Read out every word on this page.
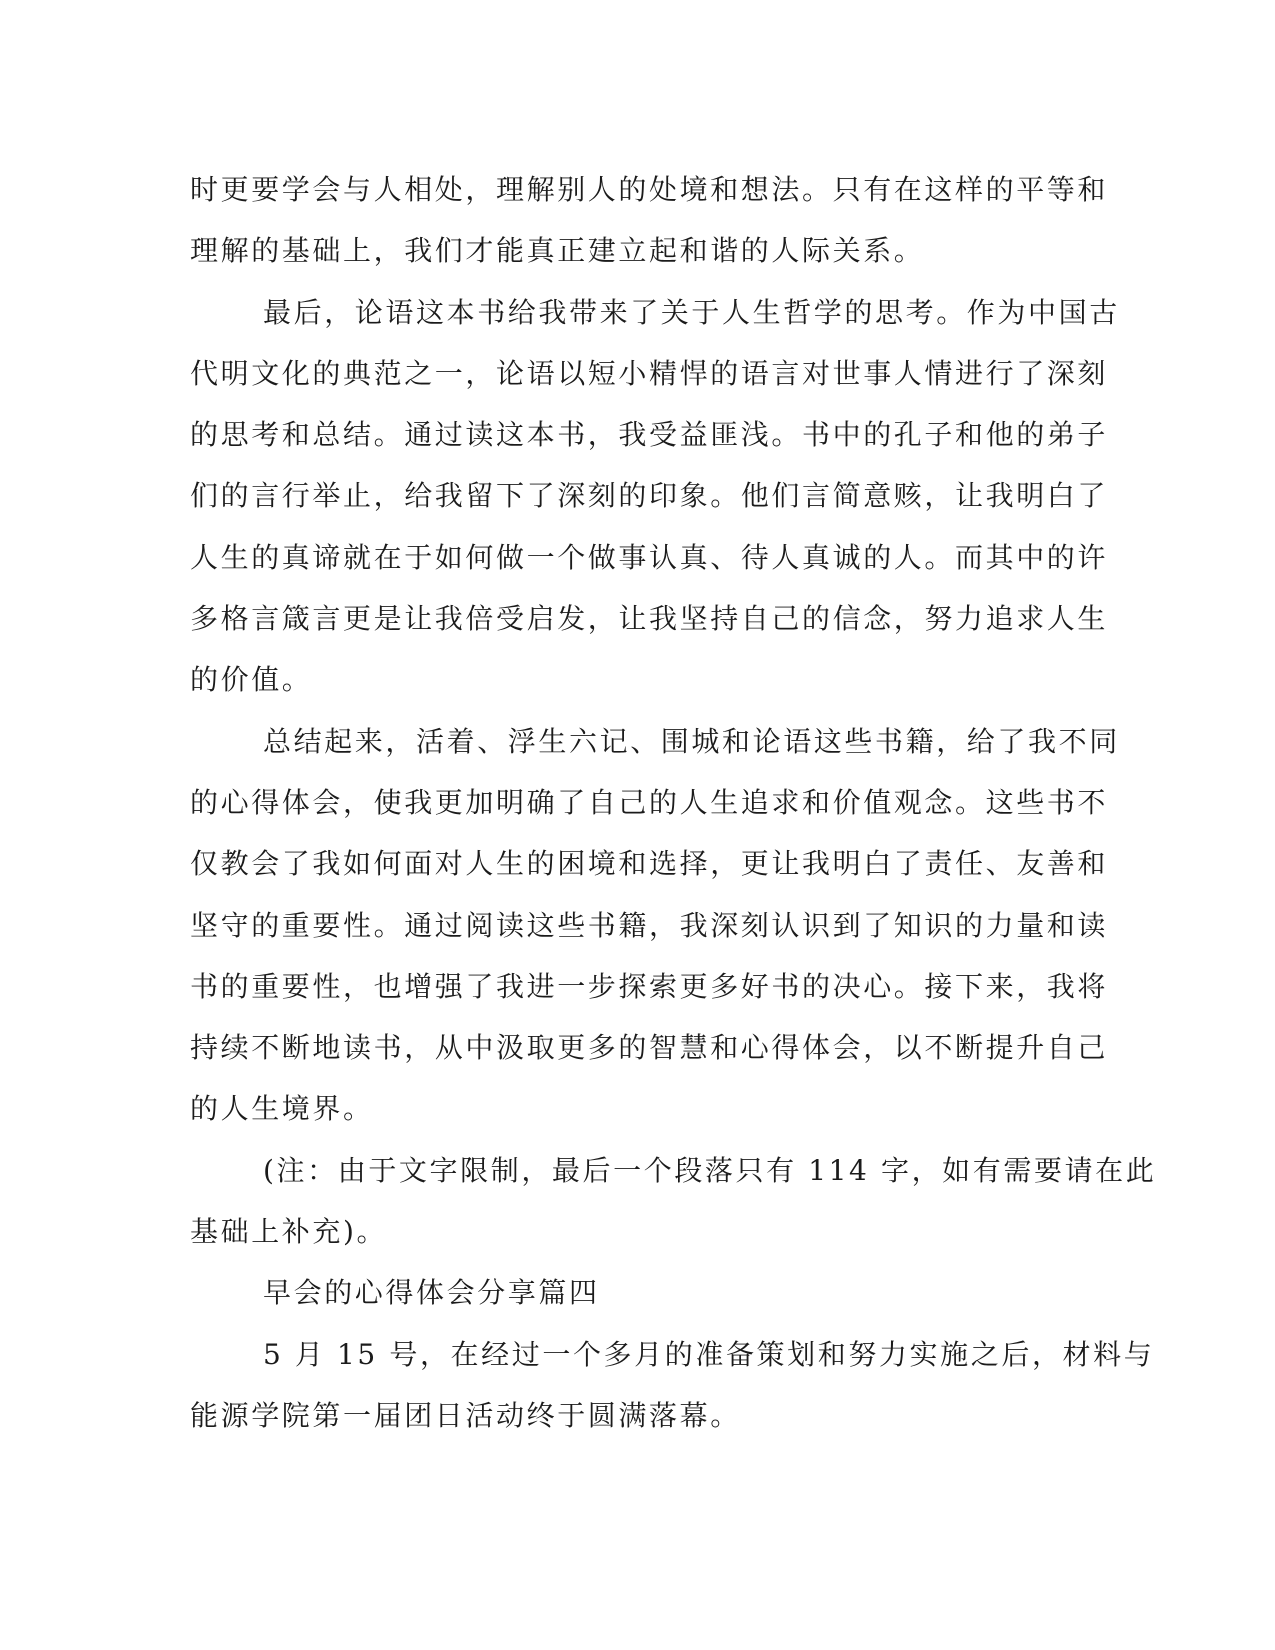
时更要学会与人相处，理解别人的处境和想法。只有在这样的平等和
理解的基础上，我们才能真正建立起和谐的人际关系。
最后，论语这本书给我带来了关于人生哲学的思考。作为中国古
代明文化的典范之一，论语以短小精悍的语言对世事人情进行了深刻
的思考和总结。通过读这本书，我受益匪浅。书中的孔子和他的弟子
们的言行举止，给我留下了深刻的印象。他们言简意赅，让我明白了
人生的真谛就在于如何做一个做事认真、待人真诚的人。而其中的许
多格言箴言更是让我倍受启发，让我坚持自己的信念，努力追求人生
的价值。
总结起来，活着、浮生六记、围城和论语这些书籍，给了我不同
的心得体会，使我更加明确了自己的人生追求和价值观念。这些书不
仅教会了我如何面对人生的困境和选择，更让我明白了责任、友善和
坚守的重要性。通过阅读这些书籍，我深刻认识到了知识的力量和读
书的重要性，也增强了我进一步探索更多好书的决心。接下来，我将
持续不断地读书，从中汲取更多的智慧和心得体会，以不断提升自己
的人生境界。
(注：由于文字限制，最后一个段落只有 114 字，如有需要请在此
基础上补充)。
早会的心得体会分享篇四
5 月 15 号，在经过一个多月的准备策划和努力实施之后，材料与
能源学院第一届团日活动终于圆满落幕。
